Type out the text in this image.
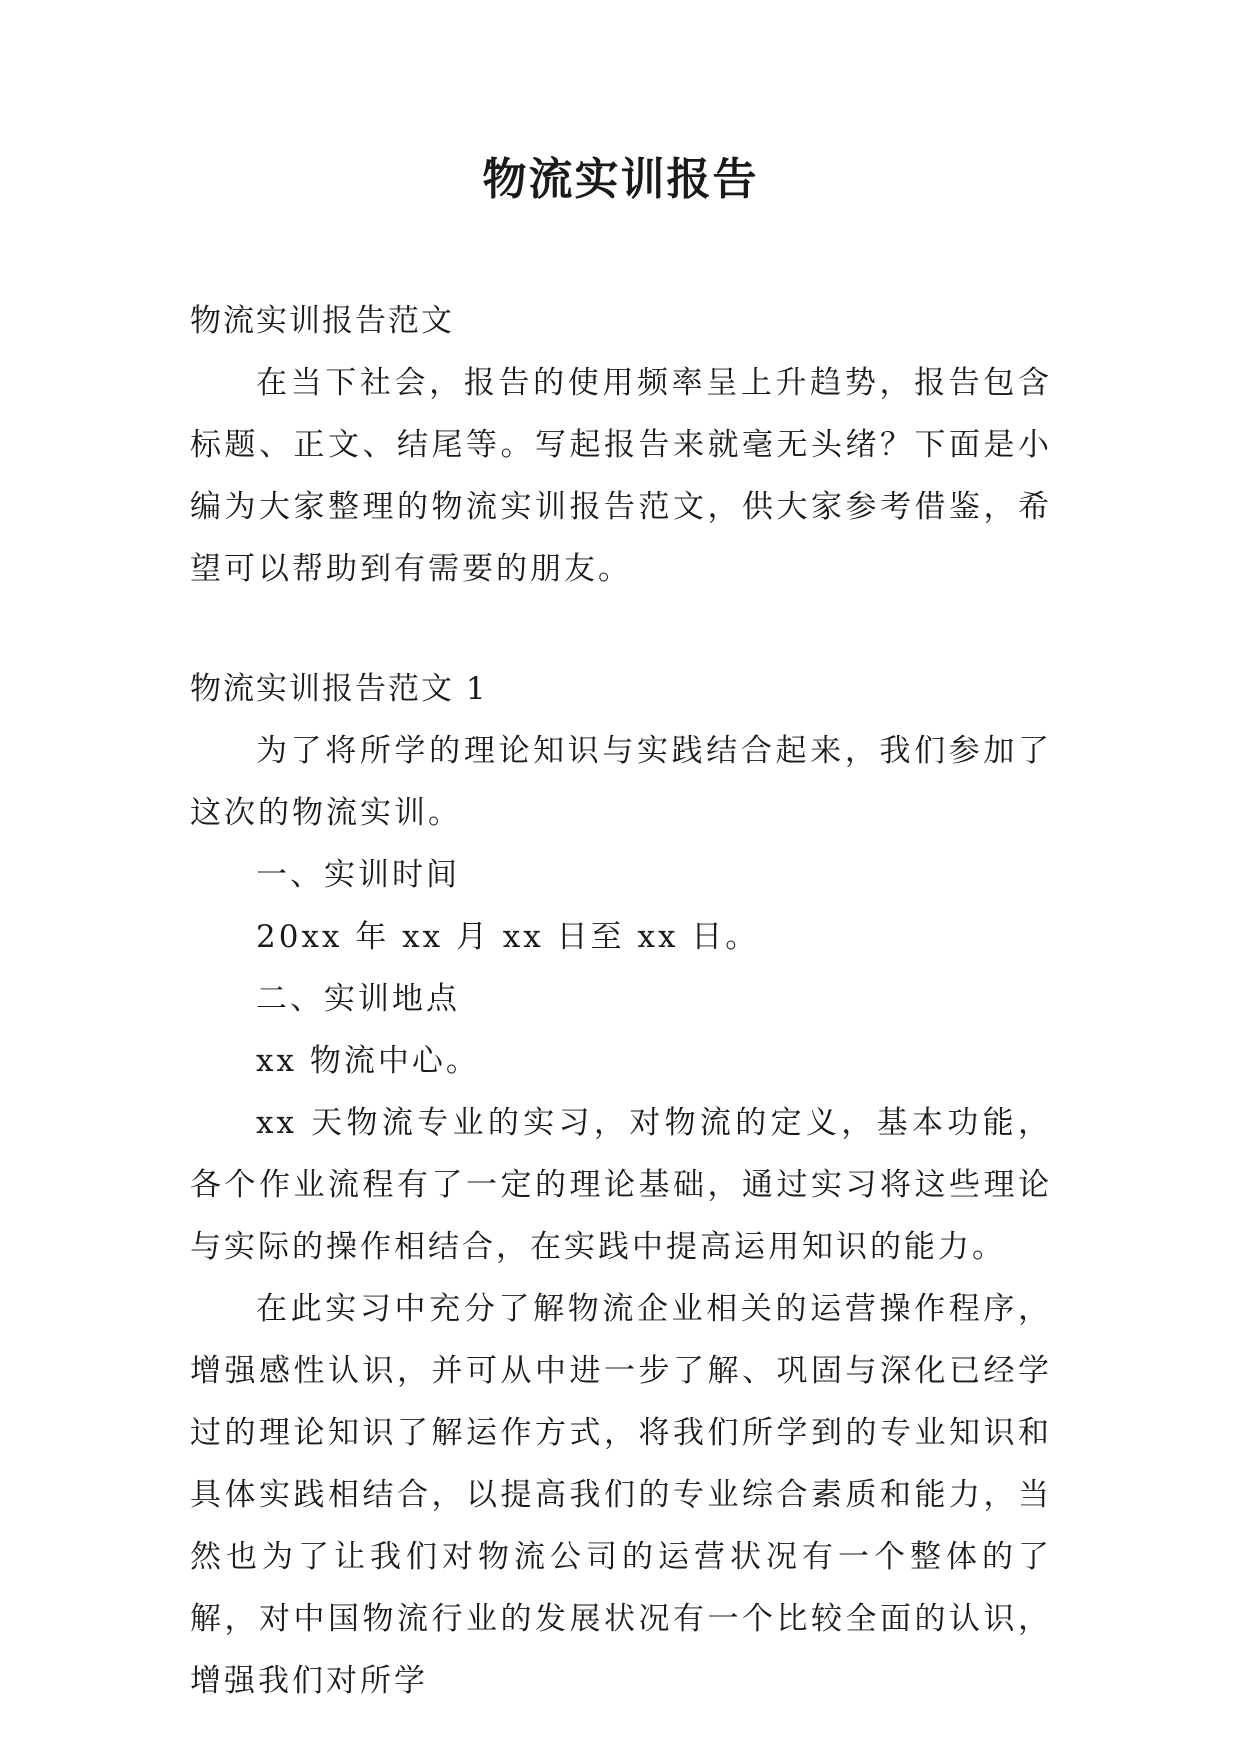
物流实训报告

物流实训报告范文

在当下社会，报告的使用频率呈上升趋势，报告包含标题、正文、结尾等。写起报告来就毫无头绪？下面是小编为大家整理的物流实训报告范文，供大家参考借鉴，希望可以帮助到有需要的朋友。

物流实训报告范文 1

为了将所学的理论知识与实践结合起来，我们参加了这次的物流实训。

一、实训时间

20xx 年 xx 月 xx 日至 xx 日。

二、实训地点

xx 物流中心。

xx 天物流专业的实习，对物流的定义，基本功能，各个作业流程有了一定的理论基础，通过实习将这些理论与实际的操作相结合，在实践中提高运用知识的能力。

在此实习中充分了解物流企业相关的运营操作程序，增强感性认识，并可从中进一步了解、巩固与深化已经学过的理论知识了解运作方式，将我们所学到的专业知识和具体实践相结合，以提高我们的专业综合素质和能力，当然也为了让我们对物流公司的运营状况有一个整体的了解，对中国物流行业的发展状况有一个比较全面的认识，增强我们对所学
